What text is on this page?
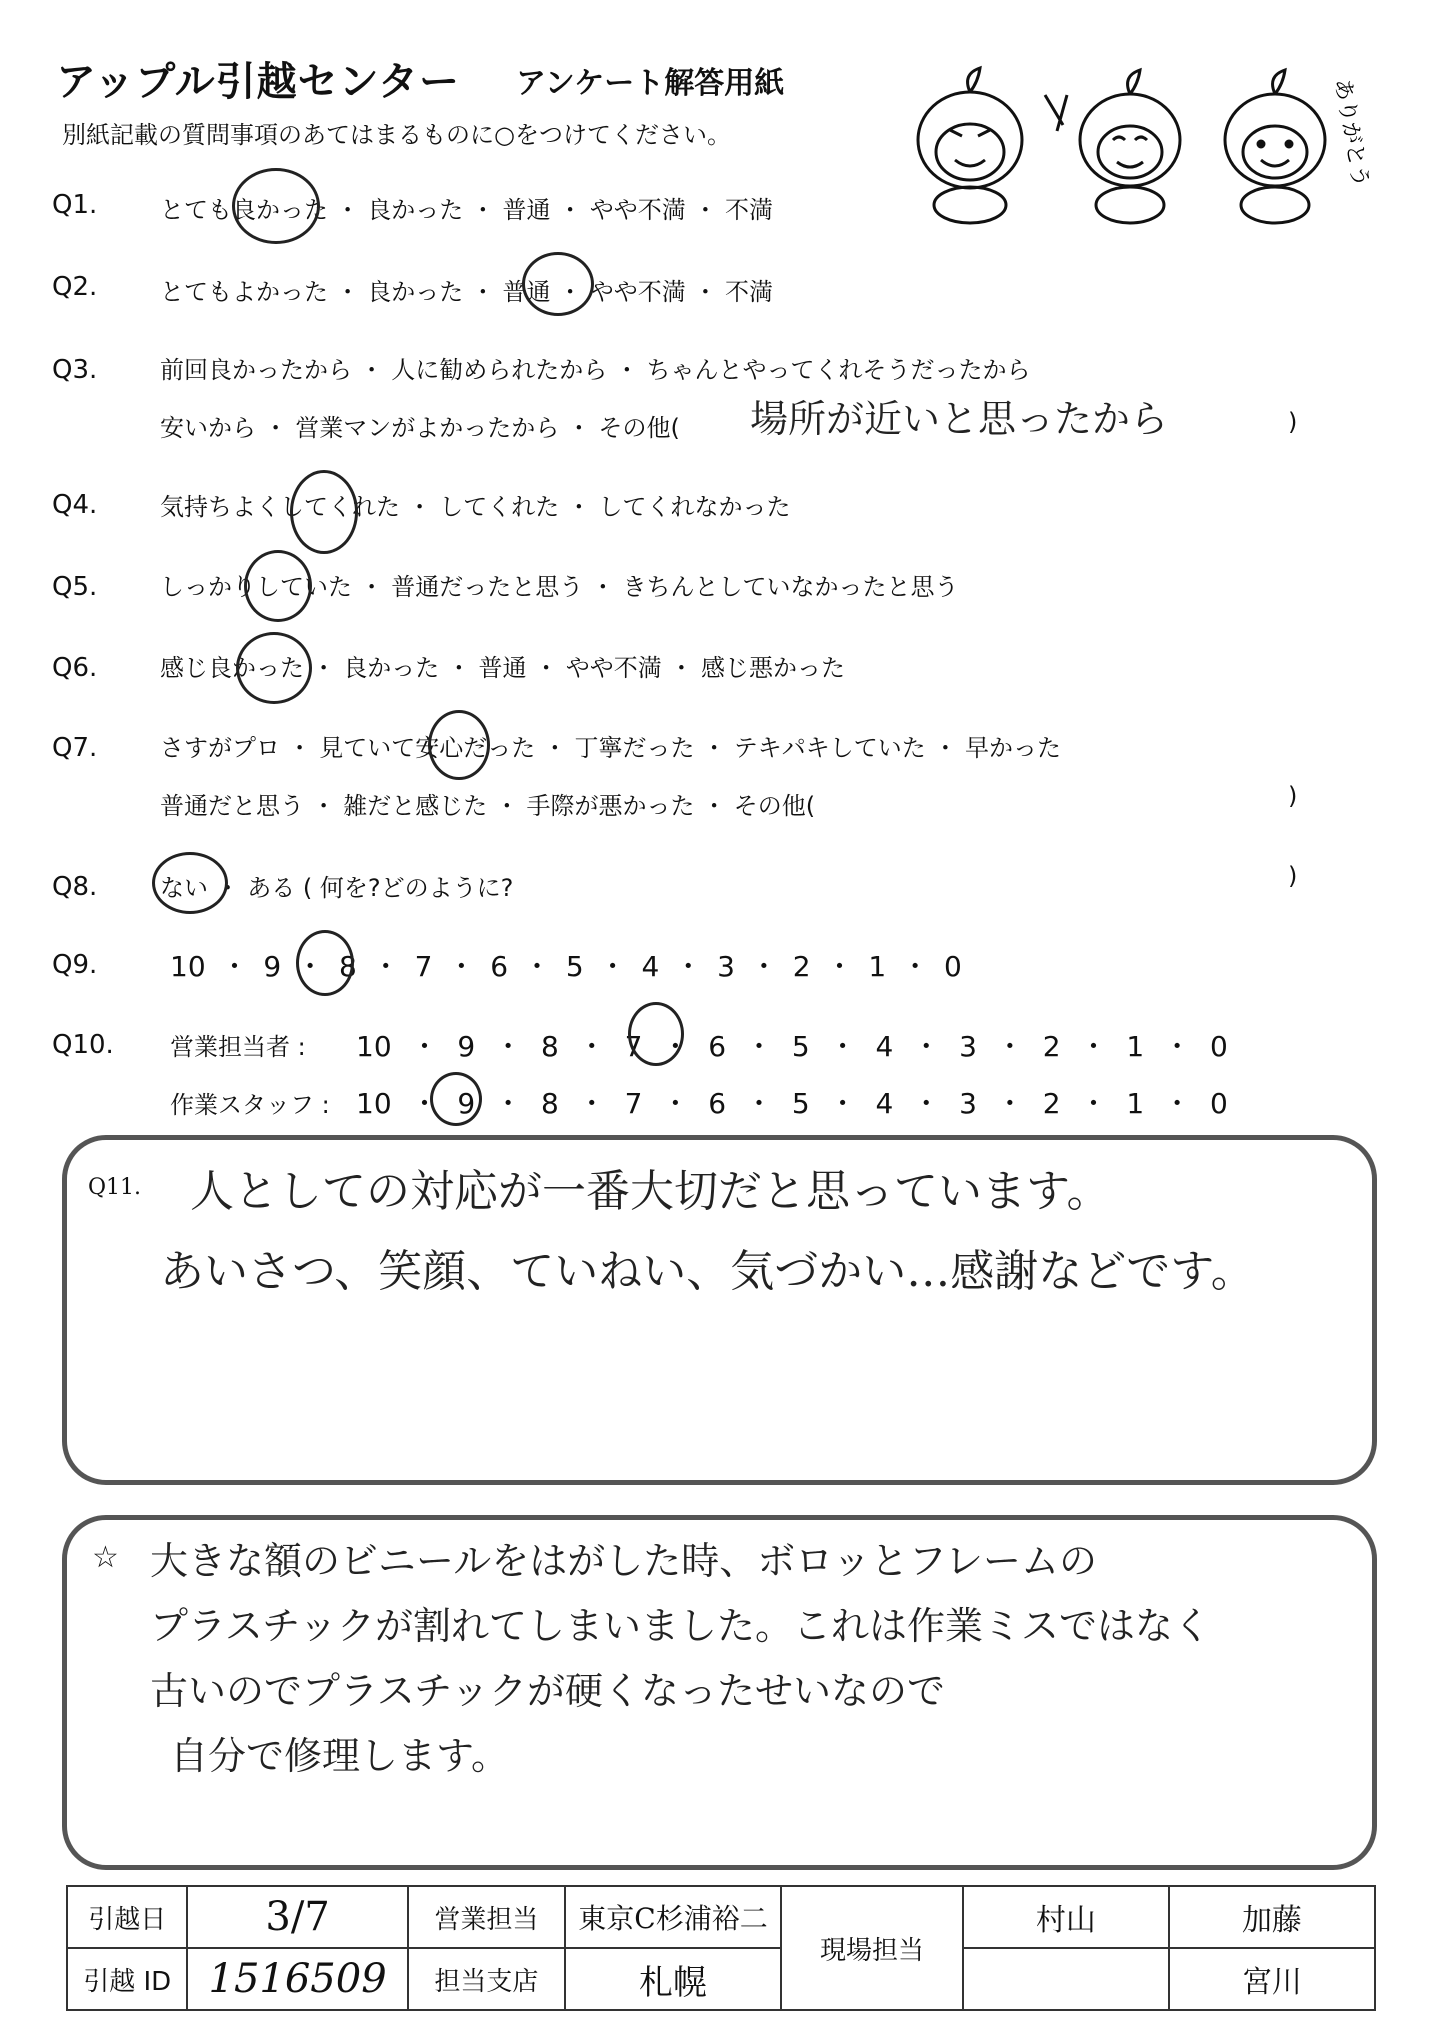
アップル引越センター アンケート解答用紙
別紙記載の質問事項のあてはまるものに○をつけてください。	ありがとう
Q1.	とても良かった ・ 良かった ・ 普通 ・ やや不満 ・ 不満
Q2.	とてもよかった ・ 良かった ・ 普通 ・ やや不満 ・ 不満
Q3.	前回良かったから ・ 人に勧められたから ・ ちゃんとやってくれそうだったから
安いから ・ 営業マンがよかったから ・ その他( 場所が近いと思ったから	)
Q4.	気持ちよくしてくれた ・ してくれた ・ してくれなかった
Q5.	しっかりしていた ・ 普通だったと思う ・ きちんとしていなかったと思う
Q6.	感じ良かった ・ 良かった ・ 普通 ・ やや不満 ・ 感じ悪かった
Q7.	さすがプロ ・ 見ていて安心だった ・ 丁寧だった ・ テキパキしていた ・ 早かった
普通だと思う ・ 雑だと感じた ・ 手際が悪かった ・ その他(	)
Q8.	ない ・ ある ( 何を?どのように?	)
Q9.	10 ・ 9 ・ 8 ・ 7 ・ 6 ・ 5 ・ 4 ・ 3 ・ 2 ・ 1 ・ 0
Q10. 営業担当者 : 10 ・ 9 ・ 8 ・ 7 ・ 6 ・ 5 ・ 4 ・ 3 ・ 2 ・ 1 ・ 0
作業スタッフ : 10 ・ 9 ・ 8 ・ 7 ・ 6 ・ 5 ・ 4 ・ 3 ・ 2 ・ 1 ・ 0
Q11. 人としての対応が一番大切だと思っています。
あいさつ、笑顔、ていねい、気づかい…感謝などです。
☆ 大きな額のビニールをはがした時、ボロッとフレームの
プラスチックが割れてしまいました。これは作業ミスではなく
古いのでプラスチックが硬くなったせいなので
自分で修理します。
引越日	3/7	営業担当	東京C杉浦裕二	現場担当	村山	加藤
引越 ID	1516509	担当支店	札幌			宮川
